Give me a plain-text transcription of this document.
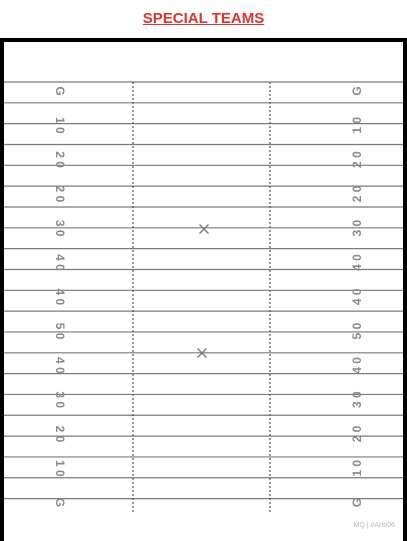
SPECIAL TEAMS
G
1 0
2 0
2 0
3 0
4 0
4 0
5 0
4 0
3 0
2 0
1 0
G
G
1 0
2 0
2 0
3 0
4 0
4 0
5 0
4 0
3 0
2 0
1 0
G
MQ | #Arto06
